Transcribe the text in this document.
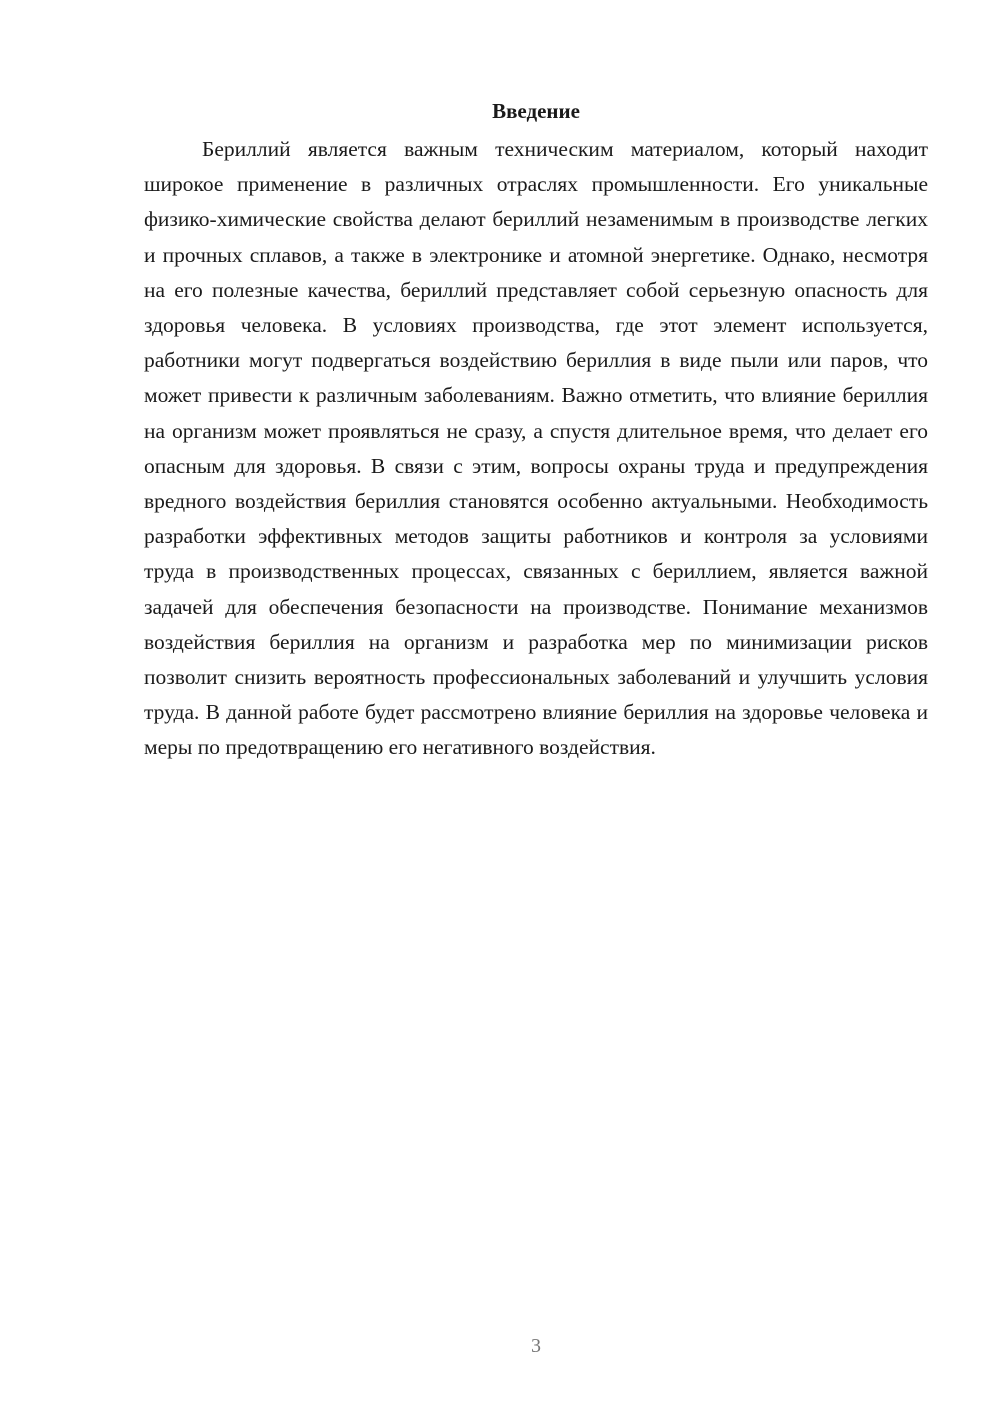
Введение

Бериллий является важным техническим материалом, который находит широкое применение в различных отраслях промышленности. Его уникальные физико-химические свойства делают бериллий незаменимым в производстве легких и прочных сплавов, а также в электронике и атомной энергетике. Однако, несмотря на его полезные качества, бериллий представляет собой серьезную опасность для здоровья человека. В условиях производства, где этот элемент используется, работники могут подвергаться воздействию бериллия в виде пыли или паров, что может привести к различным заболеваниям. Важно отметить, что влияние бериллия на организм может проявляться не сразу, а спустя длительное время, что делает его опасным для здоровья. В связи с этим, вопросы охраны труда и предупреждения вредного воздействия бериллия становятся особенно актуальными. Необходимость разработки эффективных методов защиты работников и контроля за условиями труда в производственных процессах, связанных с бериллием, является важной задачей для обеспечения безопасности на производстве. Понимание механизмов воздействия бериллия на организм и разработка мер по минимизации рисков позволит снизить вероятность профессиональных заболеваний и улучшить условия труда. В данной работе будет рассмотрено влияние бериллия на здоровье человека и меры по предотвращению его негативного воздействия.

3
